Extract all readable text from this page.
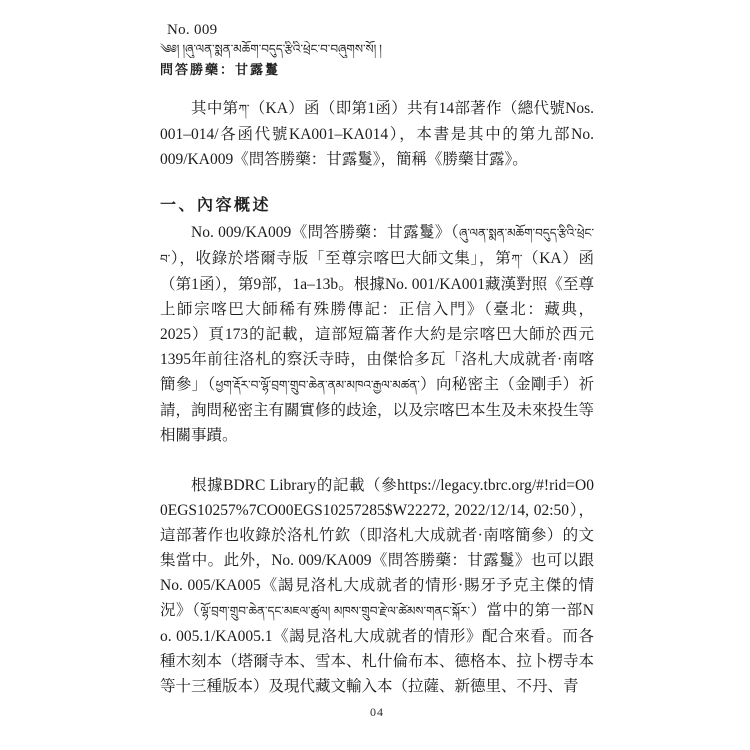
No. 009
༄༅། །ཞུ་ལན་སྨན་མཆོག་བདུད་རྩིའི་ཕྲེང་བ་བཞུགས་སོ། །
問答勝藥：甘露鬘

其中第ཀ་（KA）函（即第1函）共有14部著作（總代號Nos. 001–014/各函代號KA001–KA014），本書是其中的第九部No. 009/KA009《問答勝藥：甘露鬘》，簡稱《勝藥甘露》。

一、內容概述

No. 009/KA009《問答勝藥：甘露鬘》（ཞུ་ལན་སྨན་མཆོག་བདུད་རྩིའི་ཕྲེང་བ་），收錄於塔爾寺版「至尊宗喀巴大師文集」，第ཀ་（KA）函（第1函），第9部，1a–13b。根據No. 001/KA001藏漢對照《至尊上師宗喀巴大師稀有殊勝傳記：正信入門》（臺北：藏典，2025）頁173的記載，這部短篇著作大約是宗喀巴大師於西元1395年前往洛札的察沃寺時，由傑恰多瓦「洛札大成就者·南喀簡參」（ཕྱག་རྡོར་བ་ལྷོ་བྲག་གྲུབ་ཆེན་ནམ་མཁའ་རྒྱལ་མཚན་）向秘密主（金剛手）祈請，詢問秘密主有關實修的歧途，以及宗喀巴本生及未來投生等相關事蹟。

根據BDRC Library的記載（參https://legacy.tbrc.org/#!rid=O00EGS10257%7CO00EGS10257285$W22272, 2022/12/14, 02:50），這部著作也收錄於洛札竹欽（即洛札大成就者·南喀簡參）的文集當中。此外，No. 009/KA009《問答勝藥：甘露鬘》也可以跟No. 005/KA005《謁見洛札大成就者的情形·賜牙予克主傑的情況》（ལྷོ་བྲག་གྲུབ་ཆེན་དང་མཇལ་ཚུལ། མཁས་གྲུབ་རྗེ་ལ་ཚེམས་གནང་སྐོར་）當中的第一部No. 005.1/KA005.1《謁見洛札大成就者的情形》配合來看。而各種木刻本（塔爾寺本、雪本、札什倫布本、德格本、拉卜楞寺本等十三種版本）及現代藏文輸入本（拉薩、新德里、不丹、青

04
